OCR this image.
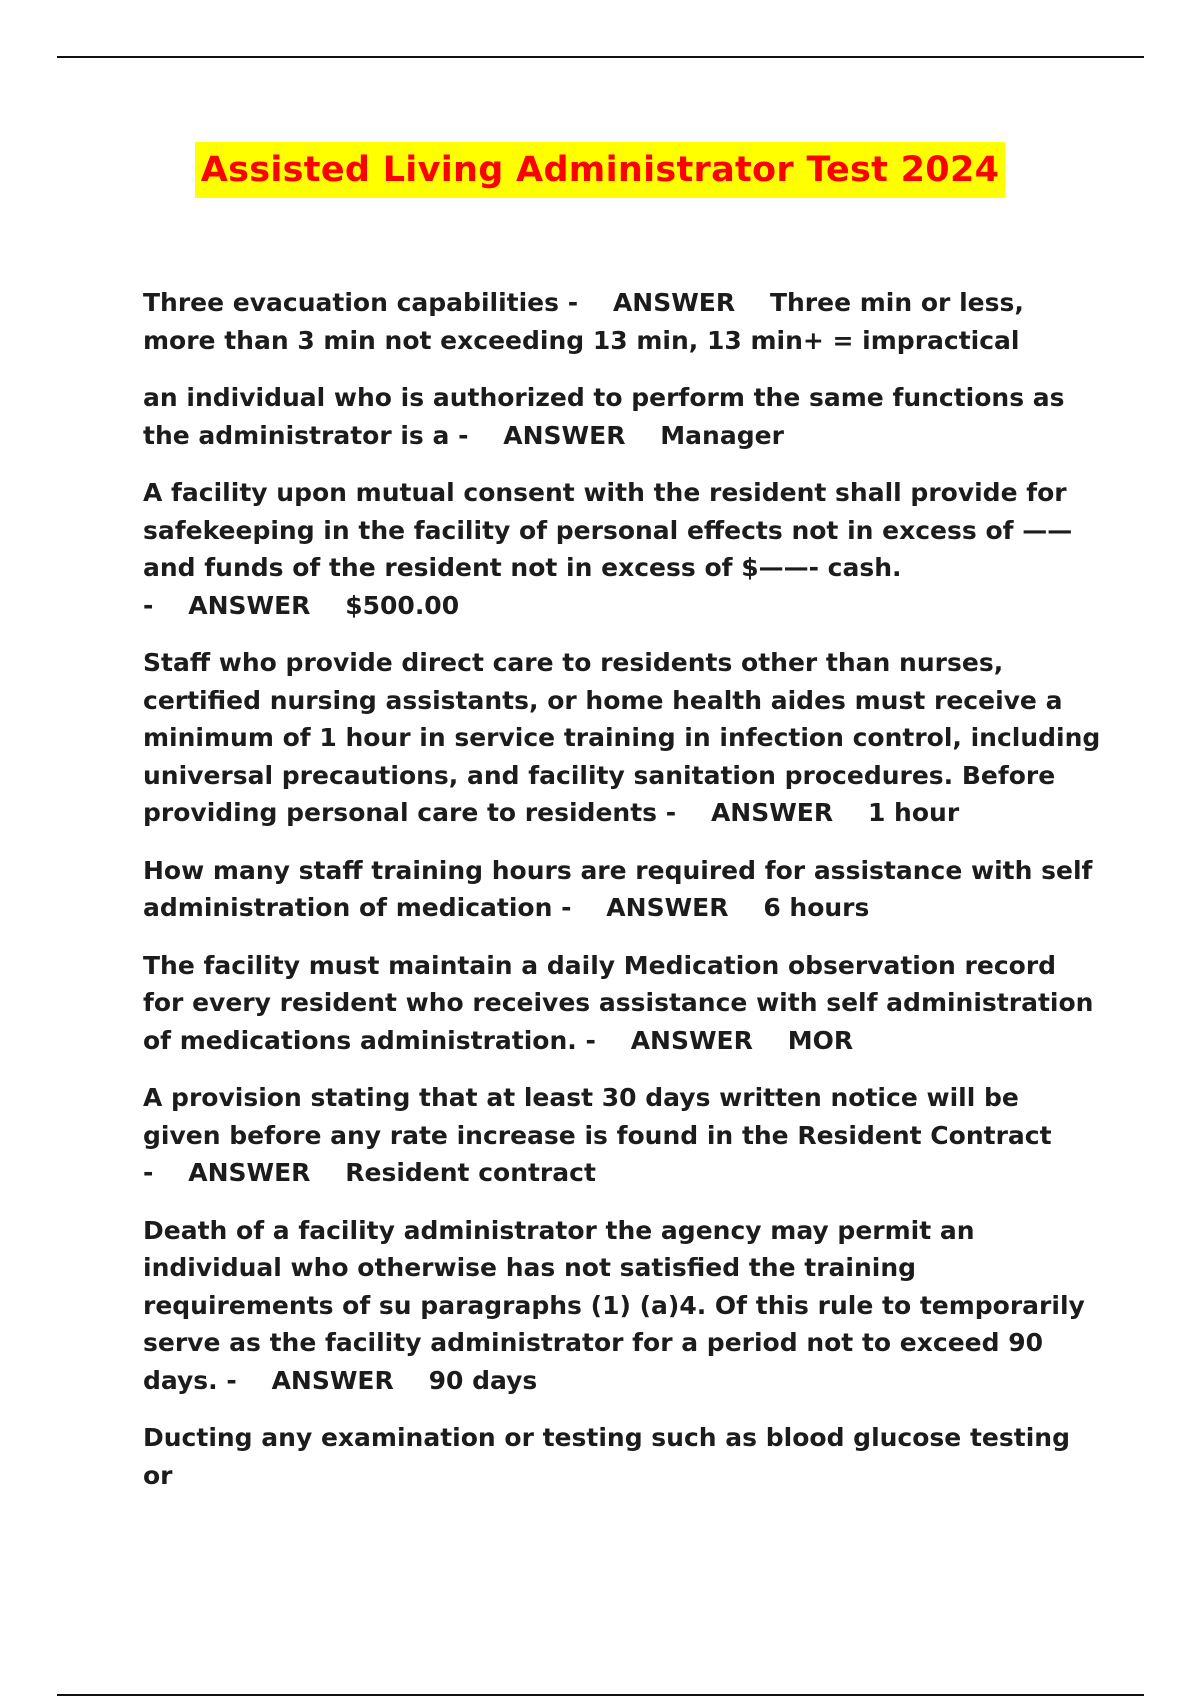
Assisted Living Administrator Test 2024

Three evacuation capabilities - ANSWER Three min or less, more than 3 min not exceeding 13 min, 13 min+ = impractical

an individual who is authorized to perform the same functions as the administrator is a - ANSWER Manager

A facility upon mutual consent with the resident shall provide for safekeeping in the facility of personal effects not in excess of —— and funds of the resident not in excess of $——- cash. - ANSWER $500.00

Staff who provide direct care to residents other than nurses, certified nursing assistants, or home health aides must receive a minimum of 1 hour in service training in infection control, including universal precautions, and facility sanitation procedures. Before providing personal care to residents - ANSWER 1 hour

How many staff training hours are required for assistance with self administration of medication - ANSWER 6 hours

The facility must maintain a daily Medication observation record for every resident who receives assistance with self administration of medications administration. - ANSWER MOR

A provision stating that at least 30 days written notice will be given before any rate increase is found in the Resident Contract - ANSWER Resident contract

Death of a facility administrator the agency may permit an individual who otherwise has not satisfied the training requirements of su paragraphs (1) (a)4. Of this rule to temporarily serve as the facility administrator for a period not to exceed 90 days. - ANSWER 90 days

Ducting any examination or testing such as blood glucose testing or
